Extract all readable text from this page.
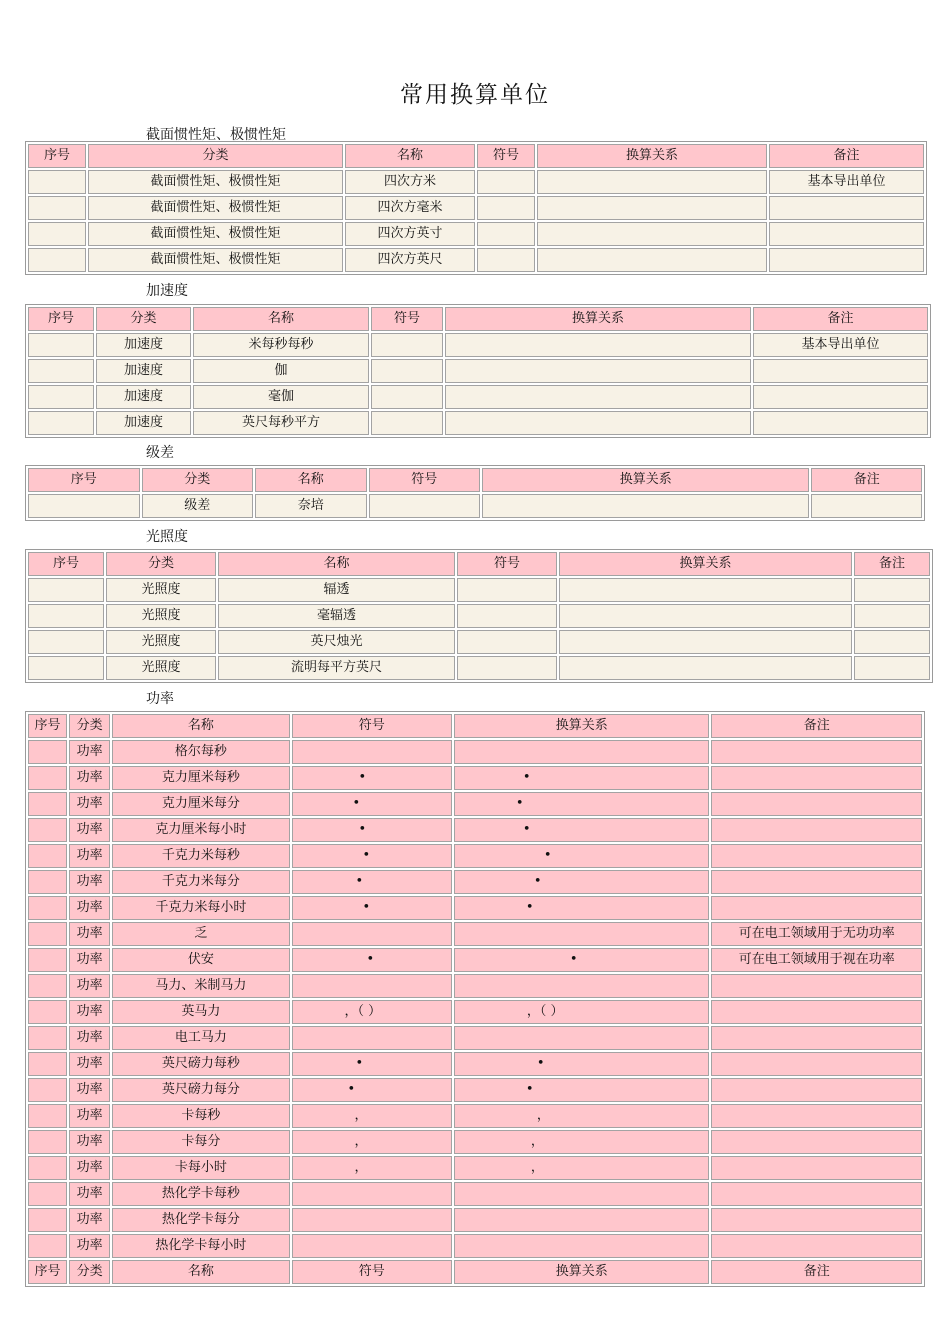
常用换算单位
截面惯性矩、极惯性矩
序号	分类	名称	符号	换算关系	备注
	截面惯性矩、极惯性矩	四次方米			基本导出单位
	截面惯性矩、极惯性矩	四次方毫米			
	截面惯性矩、极惯性矩	四次方英寸			
	截面惯性矩、极惯性矩	四次方英尺			
加速度
序号	分类	名称	符号	换算关系	备注
	加速度	米每秒每秒			基本导出单位
	加速度	伽			
	加速度	毫伽			
	加速度	英尺每秒平方			
级差
序号	分类	名称	符号	换算关系	备注
	级差	奈培			
光照度
序号	分类	名称	符号	换算关系	备注
	光照度	辐透			
	光照度	毫辐透			
	光照度	英尺烛光			
	光照度	流明每平方英尺			
功率
序号	分类	名称	符号	换算关系	备注
	功率	格尔每秒			
	功率	克力厘米每秒	•	•	

	功率	克力厘米每分	•	•	

	功率	克力厘米每小时	•	•	

	功率	千克力米每秒	•	•	

	功率	千克力米每分	•	•	

	功率	千克力米每小时	•	•	

	功率	乏			可在电工领域用于无功功率
	功率	伏安	•	•	可在电工领域用于视在功率
	功率	马力、米制马力			
	功率	英马力	，（ ）	，（ ）	

	功率	电工马力			
	功率	英尺磅力每秒	•	•	

	功率	英尺磅力每分	•	•	

	功率	卡每秒	，	，	

	功率	卡每分	，	，	

	功率	卡每小时	，	，	

	功率	热化学卡每秒			
	功率	热化学卡每分			
	功率	热化学卡每小时			
序号	分类	名称	符号	换算关系	备注
